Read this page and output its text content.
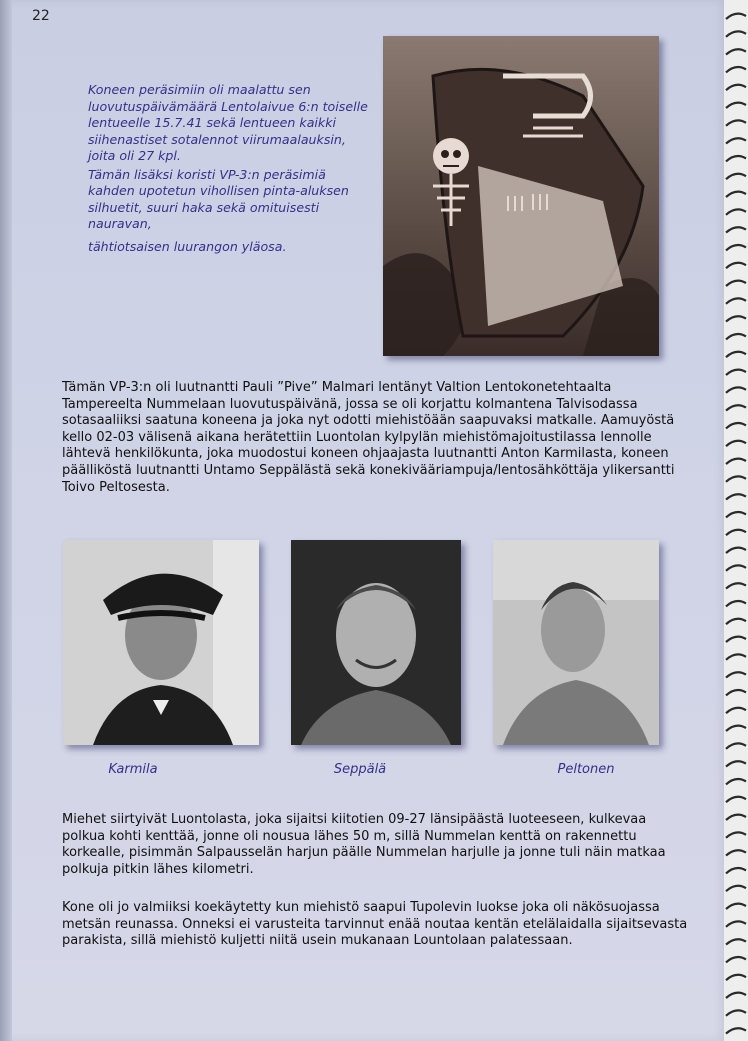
22

Koneen peräsimiin oli maalattu sen luovutuspäivämäärä Lentolaivue 6:n toiselle lentueelle 15.7.41 sekä lentueen kaikki siihenastiset sotalennot viirumaalauksin, joita oli 27 kpl.

Tämän lisäksi koristi VP-3:n peräsimiä kahden upotetun vihollisen pinta-aluksen silhuetit, suuri haka sekä omituisesti nauravan,

tähtiotsaisen luurangon yläosa.

Tämän VP-3:n oli luutnantti Pauli ”Pive” Malmari lentänyt Valtion Lentokonetehtaalta Tampereelta Nummelaan luovutuspäivänä, jossa se oli korjattu kolmantena Talvisodassa sotasaaliiksi saatuna koneena ja joka nyt odotti miehistöään saapuvaksi matkalle. Aamuyöstä kello 02-03 välisenä aikana herätettiin Luontolan kylpylän miehistömajoitustilassa lennolle lähtevä henkilökunta, joka muodostui koneen ohjaajasta luutnantti Anton Karmilasta, koneen päälliköstä luutnantti Untamo Seppälästä sekä konekivääriampuja/lentosähköttäja ylikersantti Toivo Peltosesta.
Karmila	Seppälä	Peltonen
Miehet siirtyivät Luontolasta, joka sijaitsi kiitotien 09-27 länsipäästä luoteeseen, kulkevaa polkua kohti kenttää, jonne oli nousua lähes 50 m, sillä Nummelan kenttä on rakennettu korkealle, pisimmän Salpausselän harjun päälle Nummelan harjulle ja jonne tuli näin matkaa polkuja pitkin lähes kilometri.
Kone oli jo valmiiksi koekäytetty kun miehistö saapui Tupolevin luokse joka oli näkösuojassa metsän reunassa. Onneksi ei varusteita tarvinnut enää noutaa kentän etelälaidalla sijaitsevasta parakista, sillä miehistö kuljetti niitä usein mukanaan Lountolaan palatessaan.
